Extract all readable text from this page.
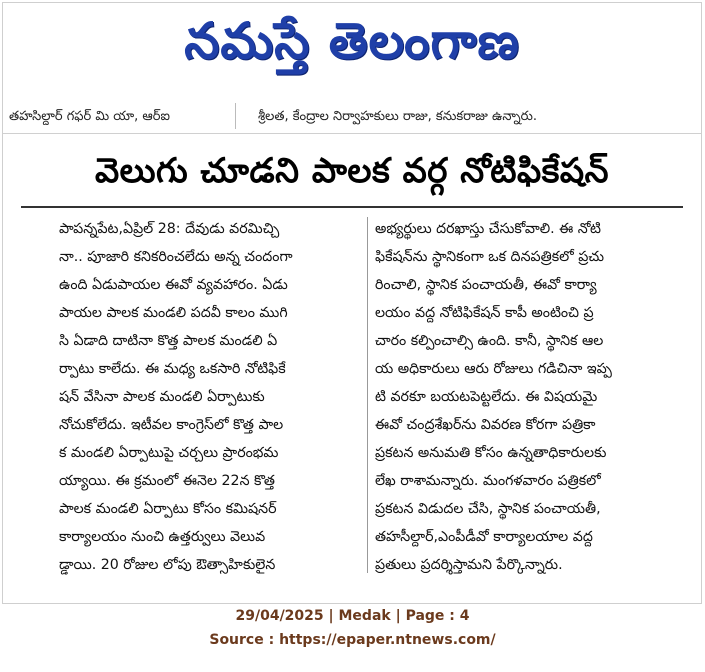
నమస్తే తెలంగాణ
తహసిల్దార్ గఫర్ మి యా, ఆర్ఐ	శ్రీలత, కేంద్రాల నిర్వాహకులు రాజు, కనుకరాజు ఉన్నారు.
వెలుగు చూడని పాలక వర్గ నోటిఫికేషన్
పాపన్నపేట,ఏప్రిల్ 28: దేవుడు వరమిచ్చి
నా.. పూజారి కనికరించలేదు అన్న చందంగా
ఉంది ఏడుపాయల ఈవో వ్యవహారం. ఏడు
పాయల పాలక మండలి పదవీ కాలం ముగి
సి ఏడాది దాటినా కొత్త పాలక మండలి ఏ
ర్పాటు కాలేదు. ఈ మధ్య ఒకసారి నోటిఫికే
షన్ వేసినా పాలక మండలి ఏర్పాటుకు
నోచుకోలేదు. ఇటీవల కాంగ్రెస్‌లో కొత్త పాల
క మండలి ఏర్పాటుపై చర్చలు ప్రారంభమ
య్యాయి. ఈ క్రమంలో ఈనెల 22న కొత్త
పాలక మండలి ఏర్పాటు కోసం కమిషనర్
కార్యాలయం నుంచి ఉత్తర్వులు వెలువ
డ్డాయి. 20 రోజుల లోపు ఔత్సాహికులైన
అభ్యర్థులు దరఖాస్తు చేసుకోవాలి. ఈ నోటి
ఫికేషన్‌ను స్థానికంగా ఒక దినపత్రికలో ప్రచు
రించాలి, స్థానిక పంచాయతీ, ఈవో కార్యా
లయం వద్ద నోటిఫికేషన్ కాపీ అంటించి ప్ర
చారం కల్పించాల్సి ఉంది. కానీ, స్థానిక ఆల
య అధికారులు ఆరు రోజులు గడిచినా ఇప్ప
టి వరకూ బయటపెట్టలేదు. ఈ విషయమై
ఈవో చంద్రశేఖర్‌ను వివరణ కోరగా పత్రికా
ప్రకటన అనుమతి కోసం ఉన్నతాధికారులకు
లేఖ రాశామన్నారు. మంగళవారం పత్రికలో
ప్రకటన విడుదల చేసి, స్థానిక పంచాయతీ,
తహసీల్దార్,ఎంపీడీవో కార్యాలయాల వద్ద
ప్రతులు ప్రదర్శిస్తామని పేర్కొన్నారు.
29/04/2025 | Medak | Page : 4
Source : https://epaper.ntnews.com/
